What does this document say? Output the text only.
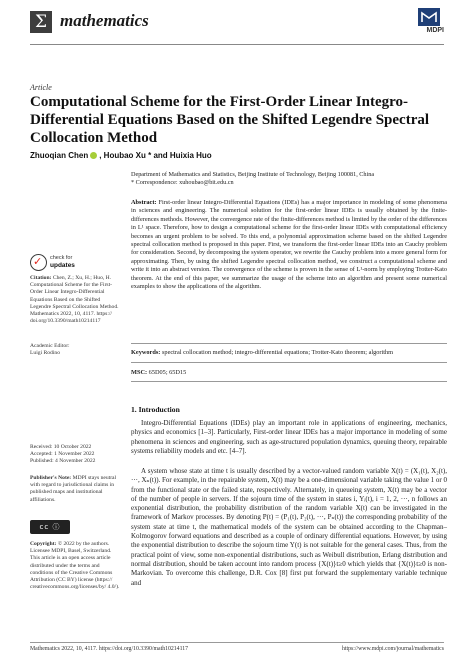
Σ mathematics
MDPI
Article
Computational Scheme for the First-Order Linear Integro-Differential Equations Based on the Shifted Legendre Spectral Collocation Method
Zhuoqian Chen , Houbao Xu * and Huixia Huo
Department of Mathematics and Statistics, Beijing Institute of Technology, Beijing 100081, China
* Correspondence: xuhoubao@bit.edu.cn

Abstract: First-order linear Integro-Differential Equations (IDEs) has a major importance in modeling of some phenomena in sciences and engineering. The numerical solution for the first-order linear IDEs is usually obtained by the finite-differences methods. However, the convergence rate of the finite-differences method is limited by the order of the differences in L¹ space. Therefore, how to design a computational scheme for the first-order linear IDEs with computational efficiency becomes an urgent problem to be solved. To this end, a polynomial approximation scheme based on the shifted Legendre spectral collocation method is proposed in this paper. First, we transform the first-order linear IDEs into an Cauchy problem for consideration. Second, by decomposing the system operator, we rewrite the Cauchy problem into a more general form for approximating. Then, by using the shifted Legendre spectral collocation method, we construct a computational scheme and write it into an abstract version. The convergence of the scheme is proven in the sense of L¹-norm by employing Trotter-Kato theorem. At the end of this paper, we summarize the usage of the scheme into an algorithm and present some numerical examples to show the applications of the algorithm.

Keywords: spectral collocation method; integro-differential equations; Trotter-Kato theorem; algorithm

MSC: 65D05; 65D15

1. Introduction

Integro-Differential Equations (IDEs) play an important role in applications of engineering, mechanics, physics and economics [1–3]. Particularly, First-order linear IDEs has a major importance in modeling of some phenomena in sciences and engineering, such as age-structured population dynamics, queuing theory, repairable systems reliability models and etc. [4–7].

A system whose state at time t is usually described by a vector-valued random variable X(t) = (X₁(t), X₂(t), ···, Xₙ(t)). For example, in the repairable system, X(t) may be a one-dimensional variable taking the value 1 or 0 from the functional state or the failed state, respectively. Alternately, in queueing system, X(t) may be a vector of the number of people in servers. If the sojourn time of the system in states i, Yᵢ(t), i = 1, 2, ···, n follows an exponential distribution, the probability distribution of the random variable X(t) can be investigated in the framework of Markov processes. By denoting P(t) = (P₁(t), P₂(t), ···, Pₙ(t)) the corresponding probability of the system state at time t, the mathematical models of the system can be obtained according to the Chapman–Kolmogorov forward equations and described as a couple of ordinary differential equations. However, by using the exponential distribution to describe the sojourn time Y(t) is not suitable for the general cases. Thus, from the practical point of view, some non-exponential distributions, such as Weibull distribution, Erlang distribution and normal distribution, should be taken account into random process {X(t)}t≥0 which yields that {X(t)}t≥0 is non-Markovian. To overcome this challenge, D.R. Cox [8] first put forward the supplementary variable technique and

✓ check for
updates

Citation: Chen, Z.; Xu, H.; Huo, H. Computational Scheme for the First-Order Linear Integro-Differential Equations Based on the Shifted Legendre Spectral Collocation Method. Mathematics 2022, 10, 4117. https:// doi.org/10.3390/math10214117

Academic Editor:
Luigi Rodino

Received: 10 October 2022
Accepted: 1 November 2022
Published: 4 November 2022

Publisher's Note: MDPI stays neutral with regard to jurisdictional claims in published maps and institutional affiliations.

cc ⓘ

Copyright: © 2022 by the authors. Licensee MDPI, Basel, Switzerland. This article is an open access article distributed under the terms and conditions of the Creative Commons Attribution (CC BY) license (https:// creativecommons.org/licenses/by/ 4.0/).

Mathematics 2022, 10, 4117. https://doi.org/10.3390/math10214117	https://www.mdpi.com/journal/mathematics
